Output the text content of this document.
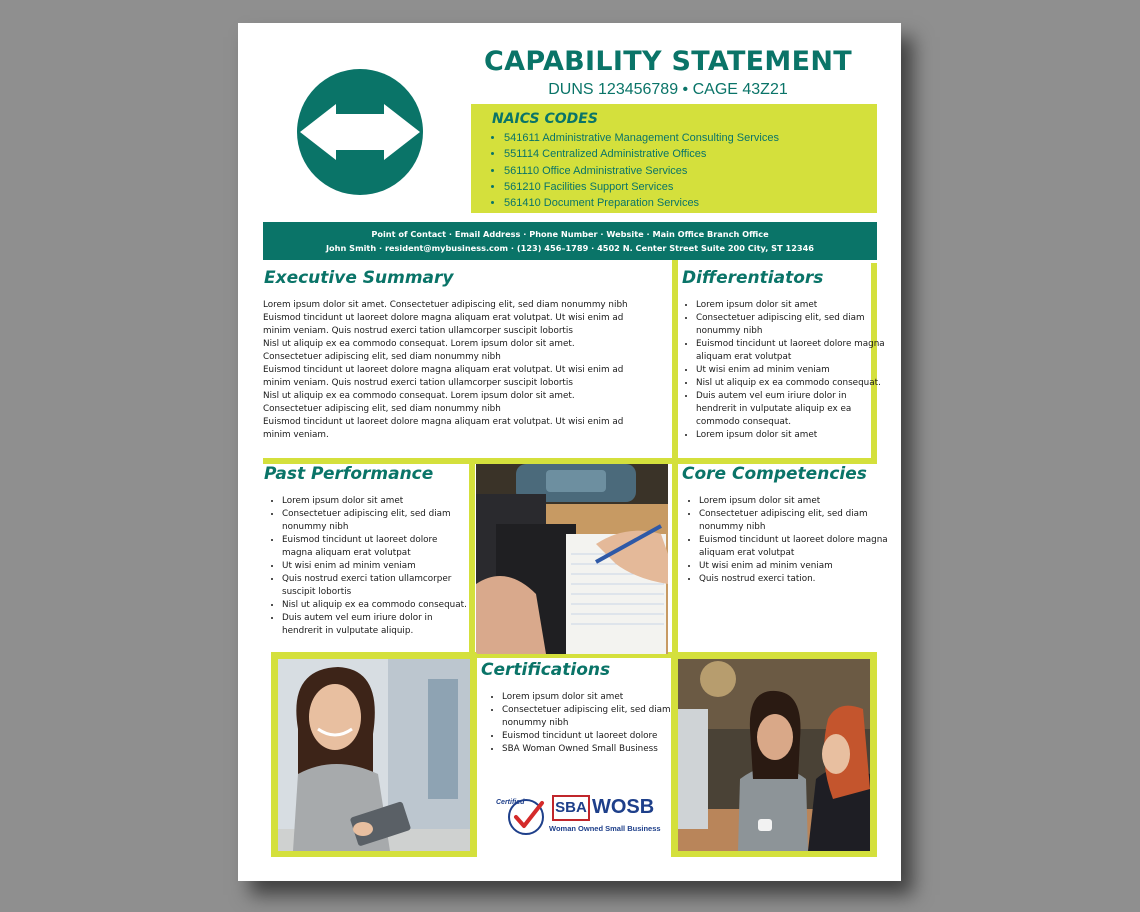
CAPABILITY STATEMENT
DUNS 123456789 • CAGE 43Z21
NAICS CODES
• 541611 Administrative Management Consulting Services
• 551114 Centralized Administrative Offices
• 561110 Office Administrative Services
• 561210 Facilities Support Services
• 561410 Document Preparation Services
Point of Contact · Email Address · Phone Number · Website · Main Office Branch Office
John Smith · resident@mybusiness.com · (123) 456–1789 · 4502 N. Center Street Suite 200 City, ST 12346
Executive Summary
Lorem ipsum dolor sit amet. Consectetuer adipiscing elit, sed diam nonummy nibh
Euismod tincidunt ut laoreet dolore magna aliquam erat volutpat. Ut wisi enim ad
minim veniam. Quis nostrud exerci tation ullamcorper suscipit lobortis
Nisl ut aliquip ex ea commodo consequat. Lorem ipsum dolor sit amet.
Consectetuer adipiscing elit, sed diam nonummy nibh
Euismod tincidunt ut laoreet dolore magna aliquam erat volutpat. Ut wisi enim ad
minim veniam. Quis nostrud exerci tation ullamcorper suscipit lobortis
Nisl ut aliquip ex ea commodo consequat. Lorem ipsum dolor sit amet.
Consectetuer adipiscing elit, sed diam nonummy nibh
Euismod tincidunt ut laoreet dolore magna aliquam erat volutpat. Ut wisi enim ad
minim veniam.
Differentiators
• Lorem ipsum dolor sit amet
• Consectetuer adipiscing elit, sed diam nonummy nibh
• Euismod tincidunt ut laoreet dolore magna aliquam erat volutpat
• Ut wisi enim ad minim veniam
• Nisl ut aliquip ex ea commodo consequat.
• Duis autem vel eum iriure dolor in hendrerit in vulputate aliquip ex ea commodo consequat.
• Lorem ipsum dolor sit amet
Past Performance
• Lorem ipsum dolor sit amet
• Consectetuer adipiscing elit, sed diam nonummy nibh
• Euismod tincidunt ut laoreet dolore magna aliquam erat volutpat
• Ut wisi enim ad minim veniam
• Quis nostrud exerci tation ullamcorper suscipit lobortis
• Nisl ut aliquip ex ea commodo consequat.
• Duis autem vel eum iriure dolor in hendrerit in vulputate aliquip.
Core Competencies
• Lorem ipsum dolor sit amet
• Consectetuer adipiscing elit, sed diam nonummy nibh
• Euismod tincidunt ut laoreet dolore magna aliquam erat volutpat
• Ut wisi enim ad minim veniam
• Quis nostrud exerci tation.
Certifications
• Lorem ipsum dolor sit amet
• Consectetuer adipiscing elit, sed diam nonummy nibh
• Euismod tincidunt ut laoreet dolore
• SBA Woman Owned Small Business
Certified SBA WOSB
Woman Owned Small Business
